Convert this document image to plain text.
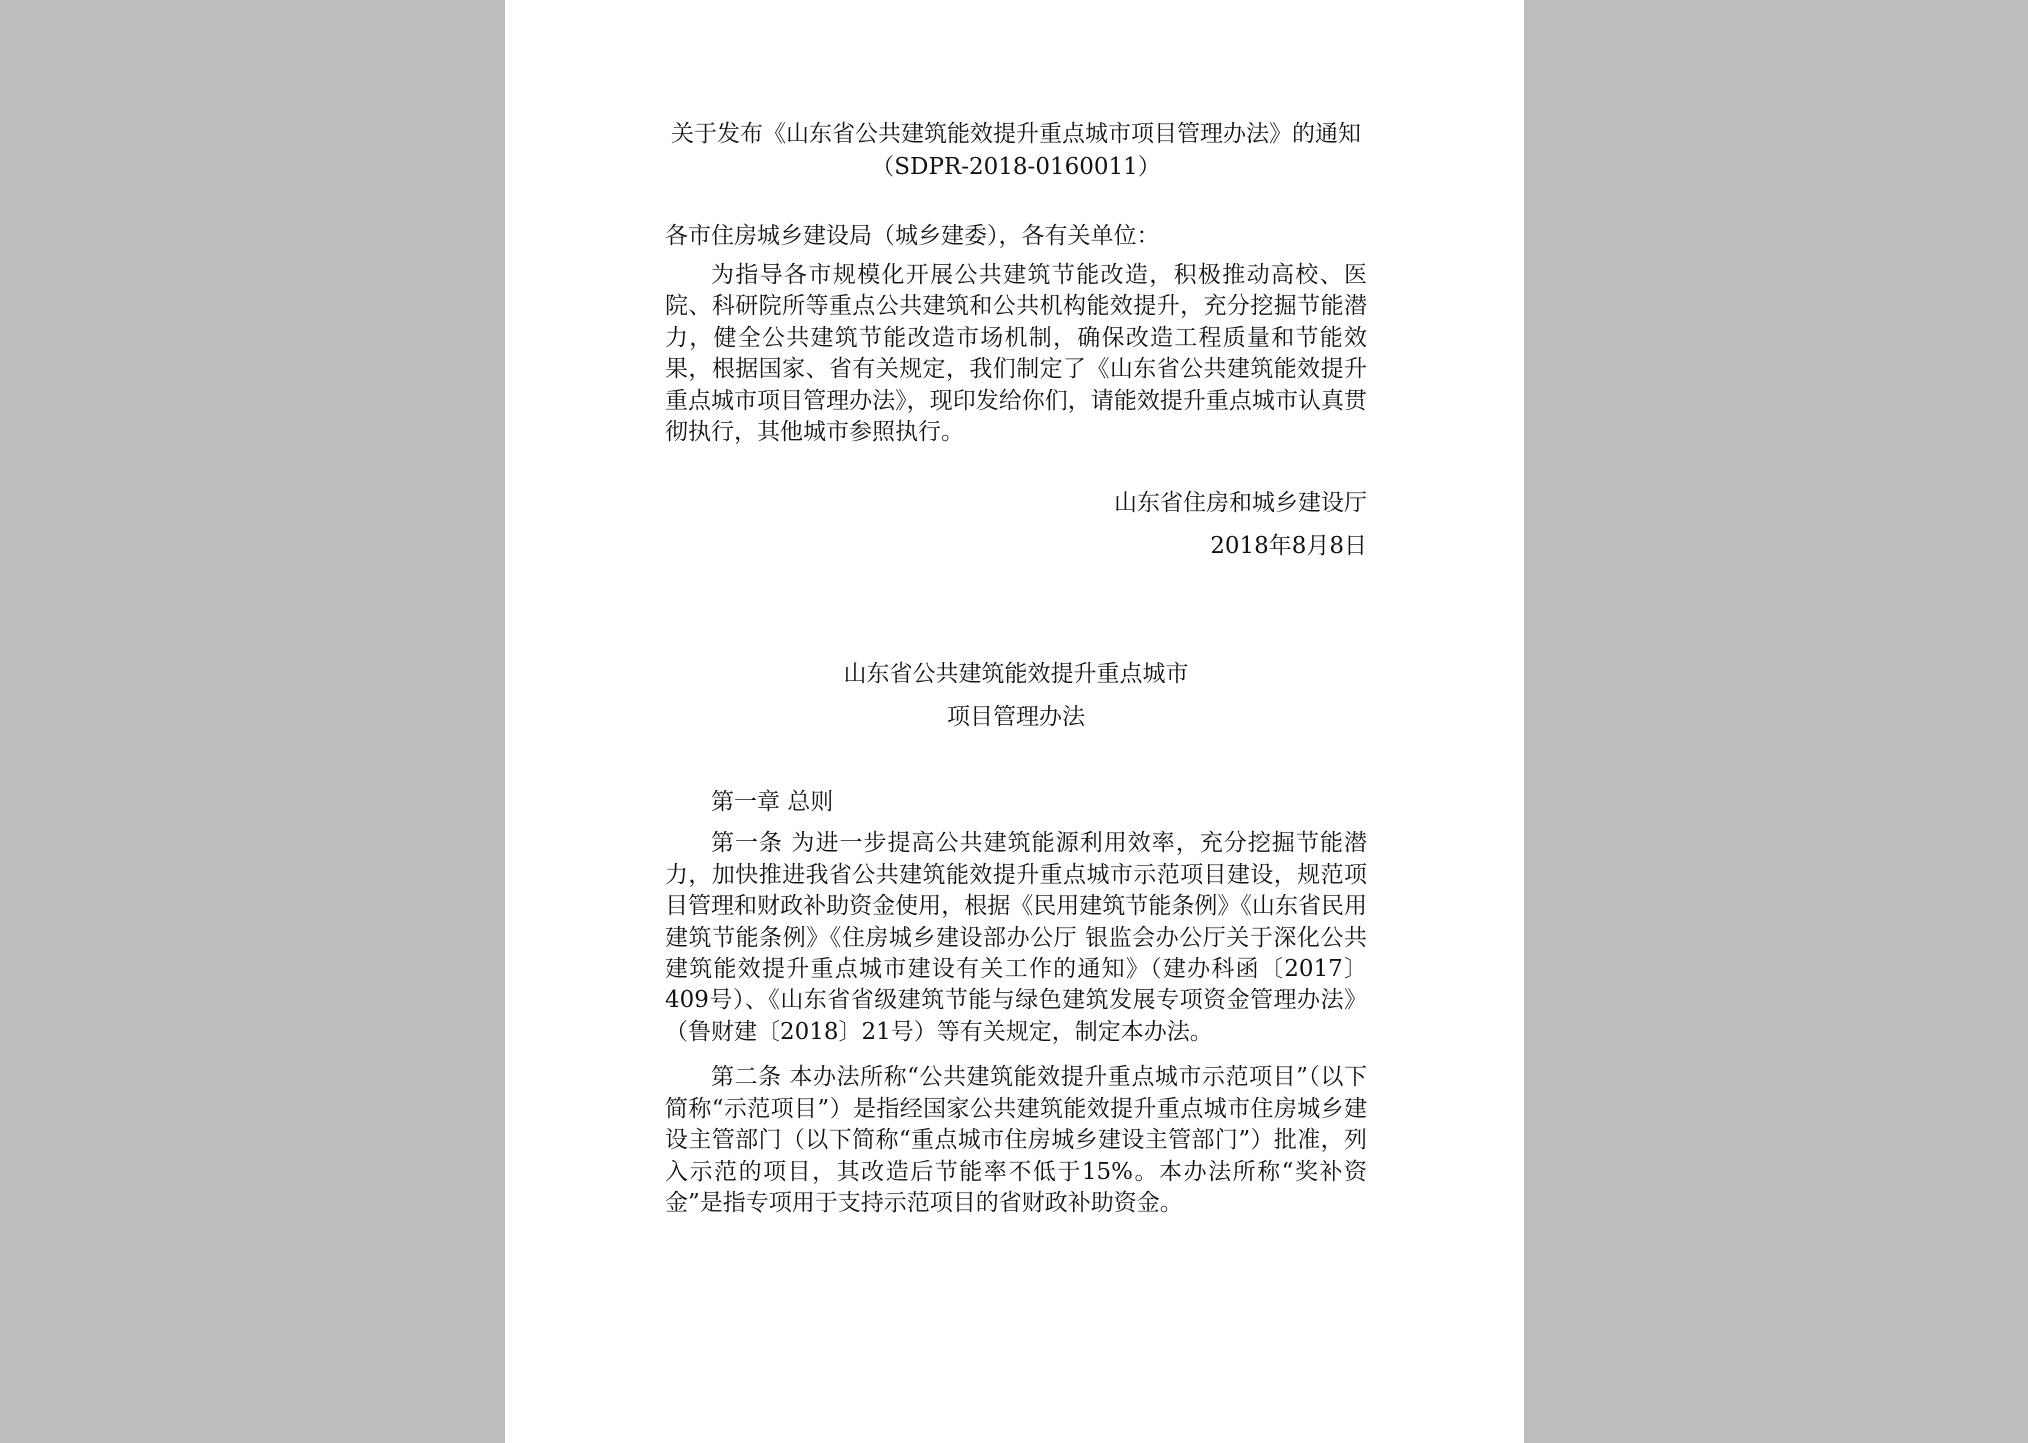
关于发布《山东省公共建筑能效提升重点城市项目管理办法》的通知（SDPR-2018-0160011）

各市住房城乡建设局（城乡建委），各有关单位：

为指导各市规模化开展公共建筑节能改造，积极推动高校、医院、科研院所等重点公共建筑和公共机构能效提升，充分挖掘节能潜力，健全公共建筑节能改造市场机制，确保改造工程质量和节能效果，根据国家、省有关规定，我们制定了《山东省公共建筑能效提升重点城市项目管理办法》，现印发给你们，请能效提升重点城市认真贯彻执行，其他城市参照执行。

山东省住房和城乡建设厅

2018年8月8日

山东省公共建筑能效提升重点城市

项目管理办法

第一章 总则

第一条 为进一步提高公共建筑能源利用效率，充分挖掘节能潜力，加快推进我省公共建筑能效提升重点城市示范项目建设，规范项目管理和财政补助资金使用，根据《民用建筑节能条例》《山东省民用建筑节能条例》《住房城乡建设部办公厅 银监会办公厅关于深化公共建筑能效提升重点城市建设有关工作的通知》（建办科函〔2017〕409号）、《山东省省级建筑节能与绿色建筑发展专项资金管理办法》（鲁财建〔2018〕21号）等有关规定，制定本办法。

第二条 本办法所称“公共建筑能效提升重点城市示范项目”（以下简称“示范项目”）是指经国家公共建筑能效提升重点城市住房城乡建设主管部门（以下简称“重点城市住房城乡建设主管部门”）批准，列入示范的项目，其改造后节能率不低于15%。本办法所称“奖补资金”是指专项用于支持示范项目的省财政补助资金。
